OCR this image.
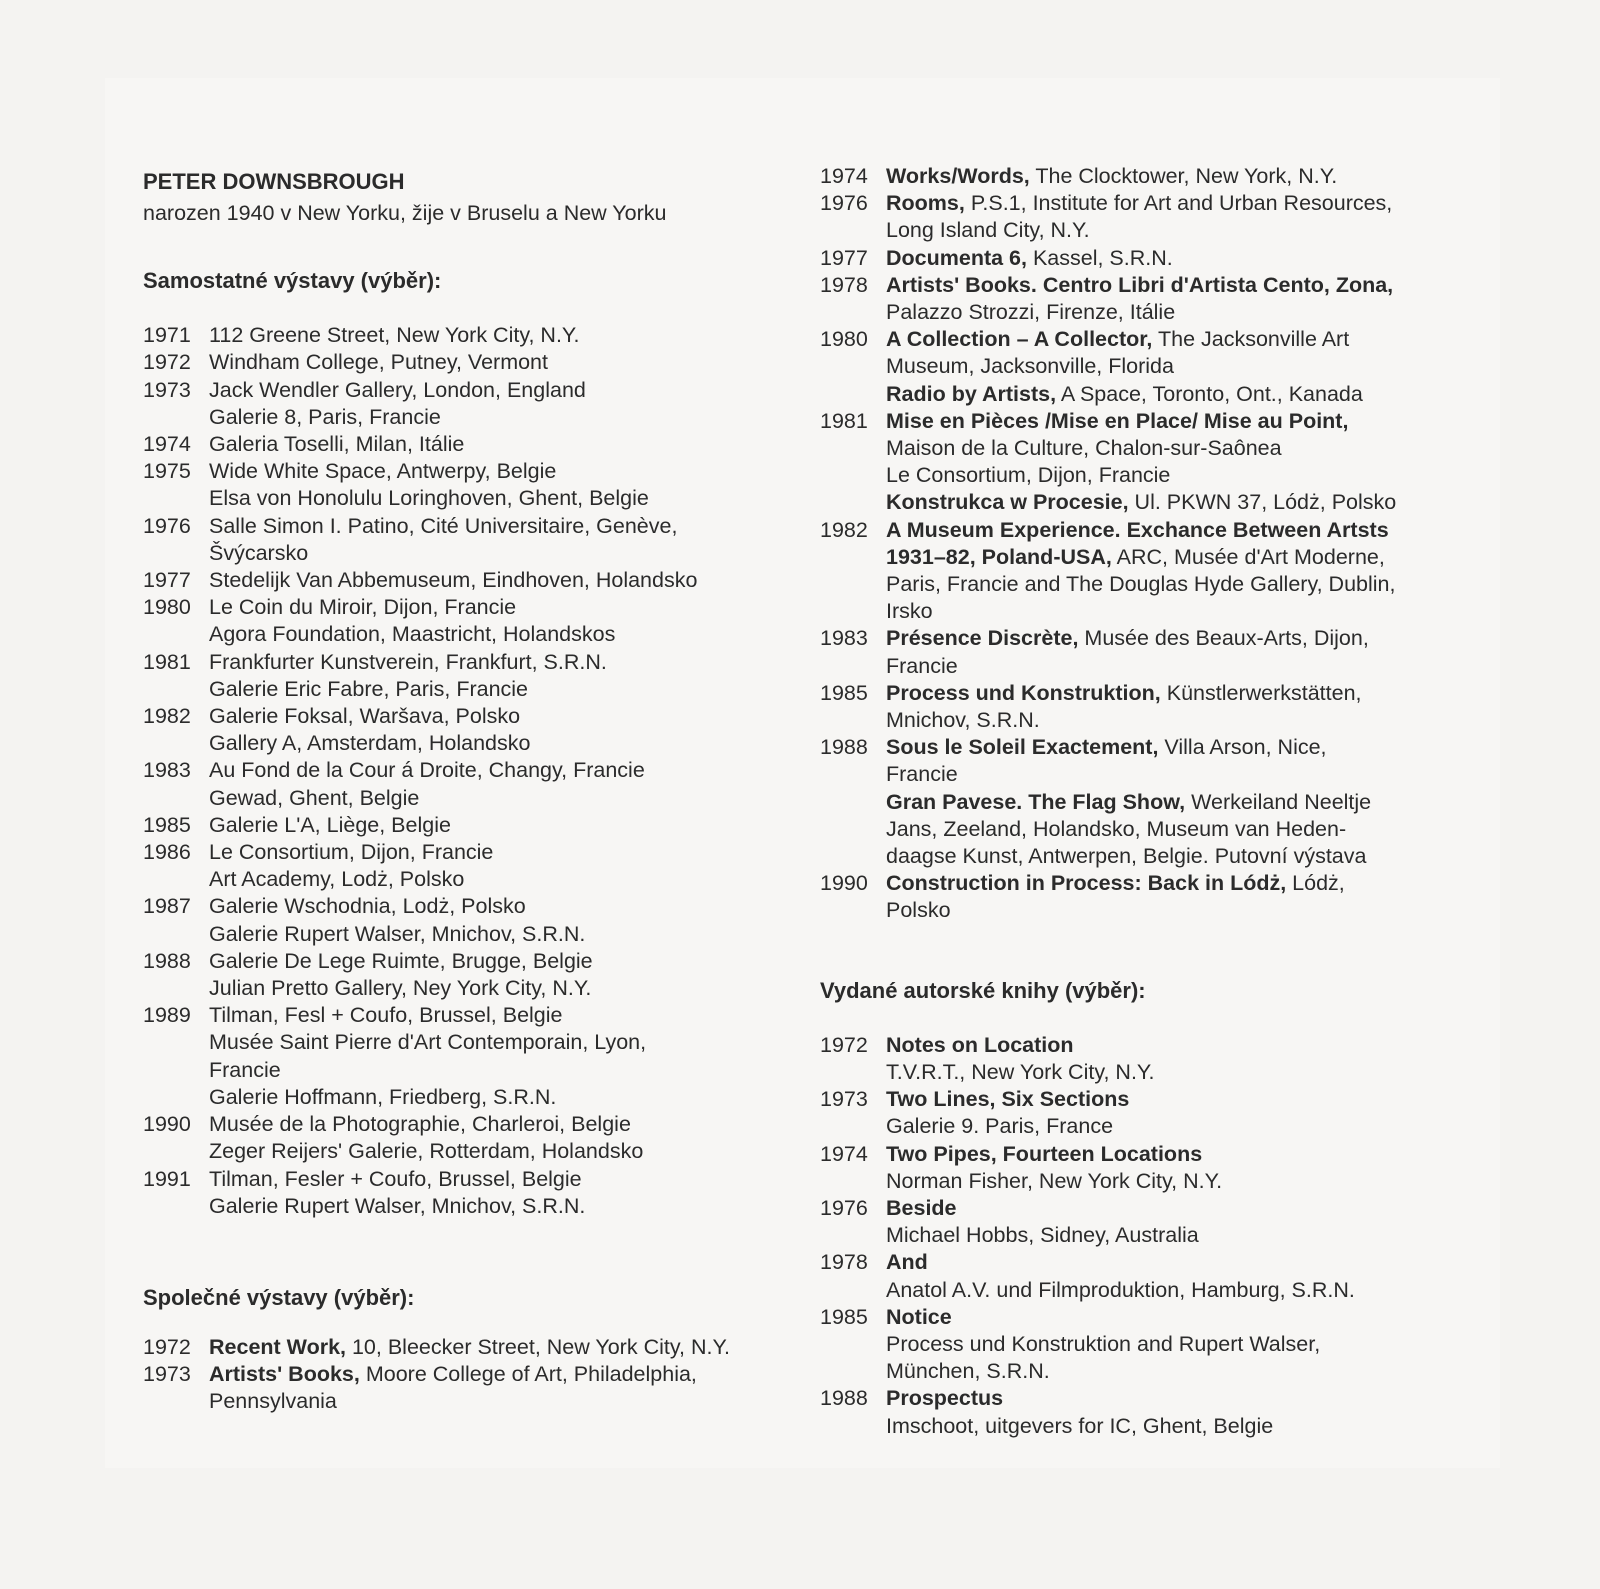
PETER DOWNSBROUGH

narozen 1940 v New Yorku, žije v Bruselu a New Yorku

Samostatné výstavy (výběr):

1971 112 Greene Street, New York City, N.Y.
1972 Windham College, Putney, Vermont
1973 Jack Wendler Gallery, London, England
Galerie 8, Paris, Francie
1974 Galeria Toselli, Milan, Itálie
1975 Wide White Space, Antwerpy, Belgie
Elsa von Honolulu Loringhoven, Ghent, Belgie
1976 Salle Simon I. Patino, Cité Universitaire, Genève,
Švýcarsko
1977 Stedelijk Van Abbemuseum, Eindhoven, Holandsko
1980 Le Coin du Miroir, Dijon, Francie
Agora Foundation, Maastricht, Holandskos
1981 Frankfurter Kunstverein, Frankfurt, S.R.N.
Galerie Eric Fabre, Paris, Francie
1982 Galerie Foksal, Waršava, Polsko
Gallery A, Amsterdam, Holandsko
1983 Au Fond de la Cour á Droite, Changy, Francie
Gewad, Ghent, Belgie
1985 Galerie L'A, Liège, Belgie
1986 Le Consortium, Dijon, Francie
Art Academy, Lodż, Polsko
1987 Galerie Wschodnia, Lodż, Polsko
Galerie Rupert Walser, Mnichov, S.R.N.
1988 Galerie De Lege Ruimte, Brugge, Belgie
Julian Pretto Gallery, Ney York City, N.Y.
1989 Tilman, Fesl + Coufo, Brussel, Belgie
Musée Saint Pierre d'Art Contemporain, Lyon,
Francie
Galerie Hoffmann, Friedberg, S.R.N.
1990 Musée de la Photographie, Charleroi, Belgie
Zeger Reijers' Galerie, Rotterdam, Holandsko
1991 Tilman, Fesler + Coufo, Brussel, Belgie
Galerie Rupert Walser, Mnichov, S.R.N.

Společné výstavy (výběr):

1972 Recent Work, 10, Bleecker Street, New York City, N.Y.
1973 Artists' Books, Moore College of Art, Philadelphia,
Pennsylvania
1974 Works/Words, The Clocktower, New York, N.Y.
1976 Rooms, P.S.1, Institute for Art and Urban Resources,
Long Island City, N.Y.
1977 Documenta 6, Kassel, S.R.N.
1978 Artists' Books. Centro Libri d'Artista Cento, Zona,
Palazzo Strozzi, Firenze, Itálie
1980 A Collection – A Collector, The Jacksonville Art
Museum, Jacksonville, Florida
Radio by Artists, A Space, Toronto, Ont., Kanada
1981 Mise en Pièces /Mise en Place/ Mise au Point,
Maison de la Culture, Chalon-sur-Saônea
Le Consortium, Dijon, Francie
Konstrukca w Procesie, Ul. PKWN 37, Lódż, Polsko
1982 A Museum Experience. Exchance Between Artsts
1931–82, Poland-USA, ARC, Musée d'Art Moderne,
Paris, Francie and The Douglas Hyde Gallery, Dublin,
Irsko
1983 Présence Discrète, Musée des Beaux-Arts, Dijon,
Francie
1985 Process und Konstruktion, Künstlerwerkstätten,
Mnichov, S.R.N.
1988 Sous le Soleil Exactement, Villa Arson, Nice,
Francie
Gran Pavese. The Flag Show, Werkeiland Neeltje
Jans, Zeeland, Holandsko, Museum van Heden-
daagse Kunst, Antwerpen, Belgie. Putovní výstava
1990 Construction in Process: Back in Lódż, Lódż,
Polsko

Vydané autorské knihy (výběr):

1972 Notes on Location
T.V.R.T., New York City, N.Y.
1973 Two Lines, Six Sections
Galerie 9. Paris, France
1974 Two Pipes, Fourteen Locations
Norman Fisher, New York City, N.Y.
1976 Beside
Michael Hobbs, Sidney, Australia
1978 And
Anatol A.V. und Filmproduktion, Hamburg, S.R.N.
1985 Notice
Process und Konstruktion and Rupert Walser,
München, S.R.N.
1988 Prospectus
Imschoot, uitgevers for IC, Ghent, Belgie
